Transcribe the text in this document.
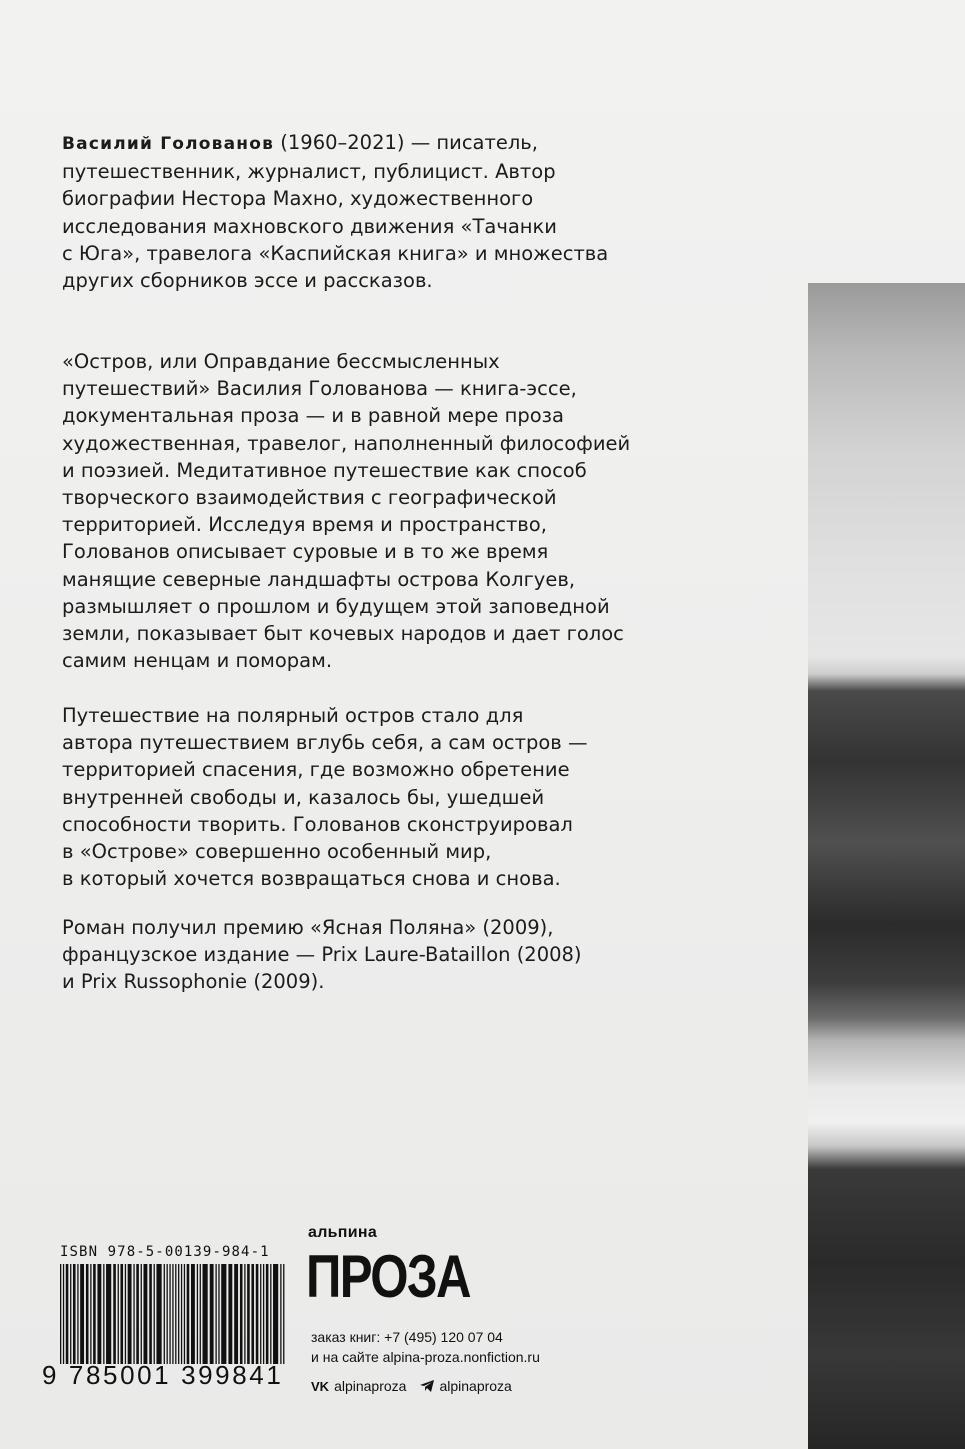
Василий Голованов (1960–2021) — писатель,
путешественник, журналист, публицист. Автор
биографии Нестора Махно, художественного
исследования махновского движения «Тачанки
с Юга», травелога «Каспийская книга» и множества
других сборников эссе и рассказов.

«Остров, или Оправдание бессмысленных
путешествий» Василия Голованова — книга-эссе,
документальная проза — и в равной мере проза
художественная, травелог, наполненный философией
и поэзией. Медитативное путешествие как способ
творческого взаимодействия с географической
территорией. Исследуя время и пространство,
Голованов описывает суровые и в то же время
манящие северные ландшафты острова Колгуев,
размышляет о прошлом и будущем этой заповедной
земли, показывает быт кочевых народов и дает голос
самим ненцам и поморам.

Путешествие на полярный остров стало для
автора путешествием вглубь себя, а сам остров —
территорией спасения, где возможно обретение
внутренней свободы и, казалось бы, ушедшей
способности творить. Голованов сконструировал
в «Острове» совершенно особенный мир,
в который хочется возвращаться снова и снова.

Роман получил премию «Ясная Поляна» (2009),
французское издание — Prix Laure-Bataillon (2008)
и Prix Russophonie (2009).

ISBN 978-5-00139-984-1
9 785001 399841
альпина
ПРОЗА
заказ книг: +7 (495) 120 07 04
и на сайте alpina-proza.nonfiction.ru
VK alpinaproza alpinaproza
